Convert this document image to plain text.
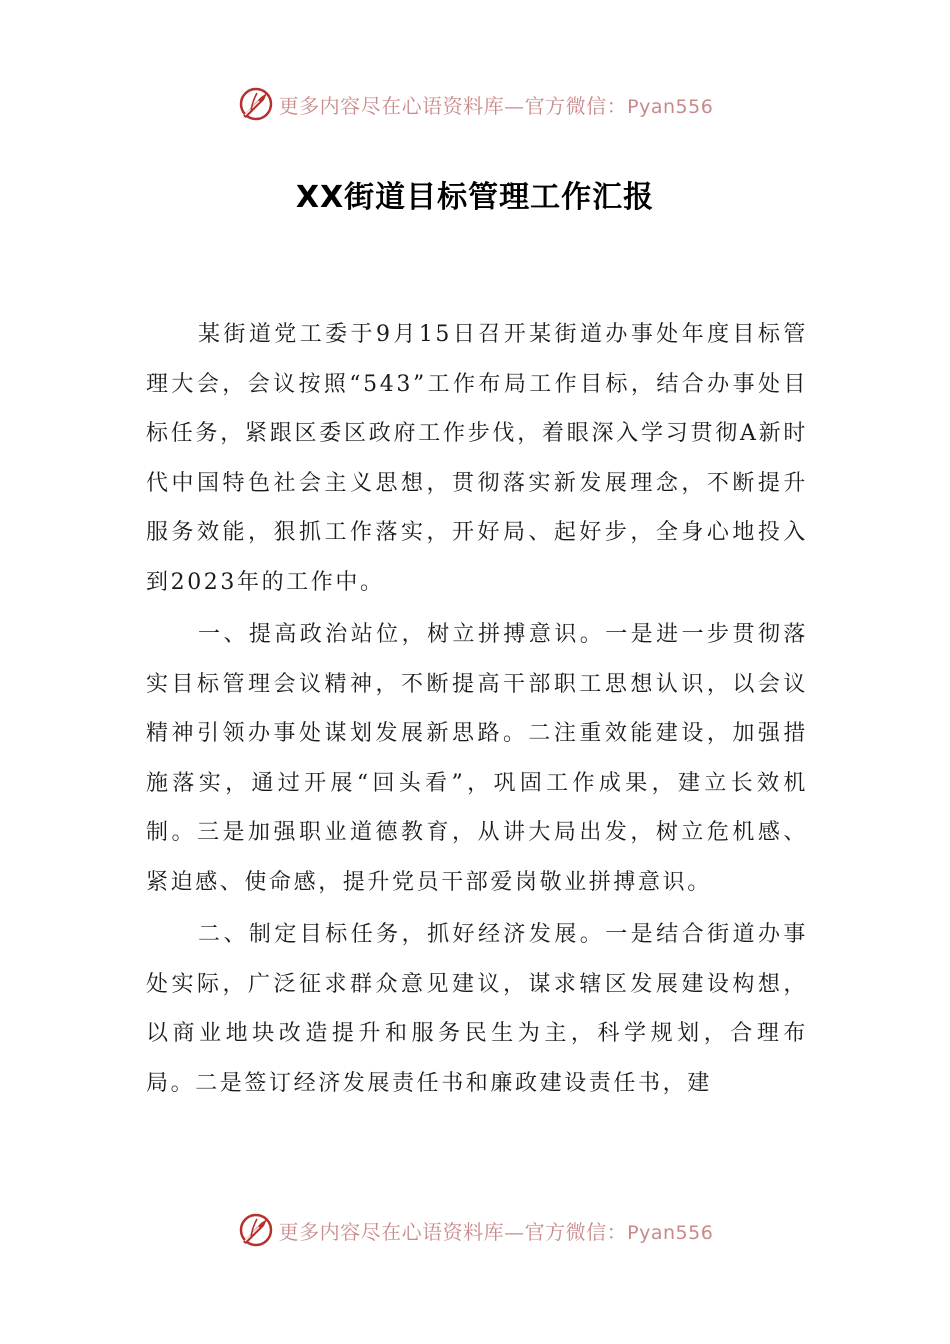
更多内容尽在心语资料库—官方微信：Pyan556
XX街道目标管理工作汇报

某街道党工委于9月15日召开某街道办事处年度目标管理大会，会议按照“543”工作布局工作目标，结合办事处目标任务，紧跟区委区政府工作步伐，着眼深入学习贯彻A新时代中国特色社会主义思想，贯彻落实新发展理念，不断提升服务效能，狠抓工作落实，开好局、起好步，全身心地投入到2023年的工作中。

一、提高政治站位，树立拼搏意识。一是进一步贯彻落实目标管理会议精神，不断提高干部职工思想认识，以会议精神引领办事处谋划发展新思路。二注重效能建设，加强措施落实，通过开展“回头看”，巩固工作成果，建立长效机制。三是加强职业道德教育，从讲大局出发，树立危机感、紧迫感、使命感，提升党员干部爱岗敬业拼搏意识。

二、制定目标任务，抓好经济发展。一是结合街道办事处实际，广泛征求群众意见建议，谋求辖区发展建设构想，以商业地块改造提升和服务民生为主，科学规划，合理布局。二是签订经济发展责任书和廉政建设责任书，建

更多内容尽在心语资料库—官方微信：Pyan556
